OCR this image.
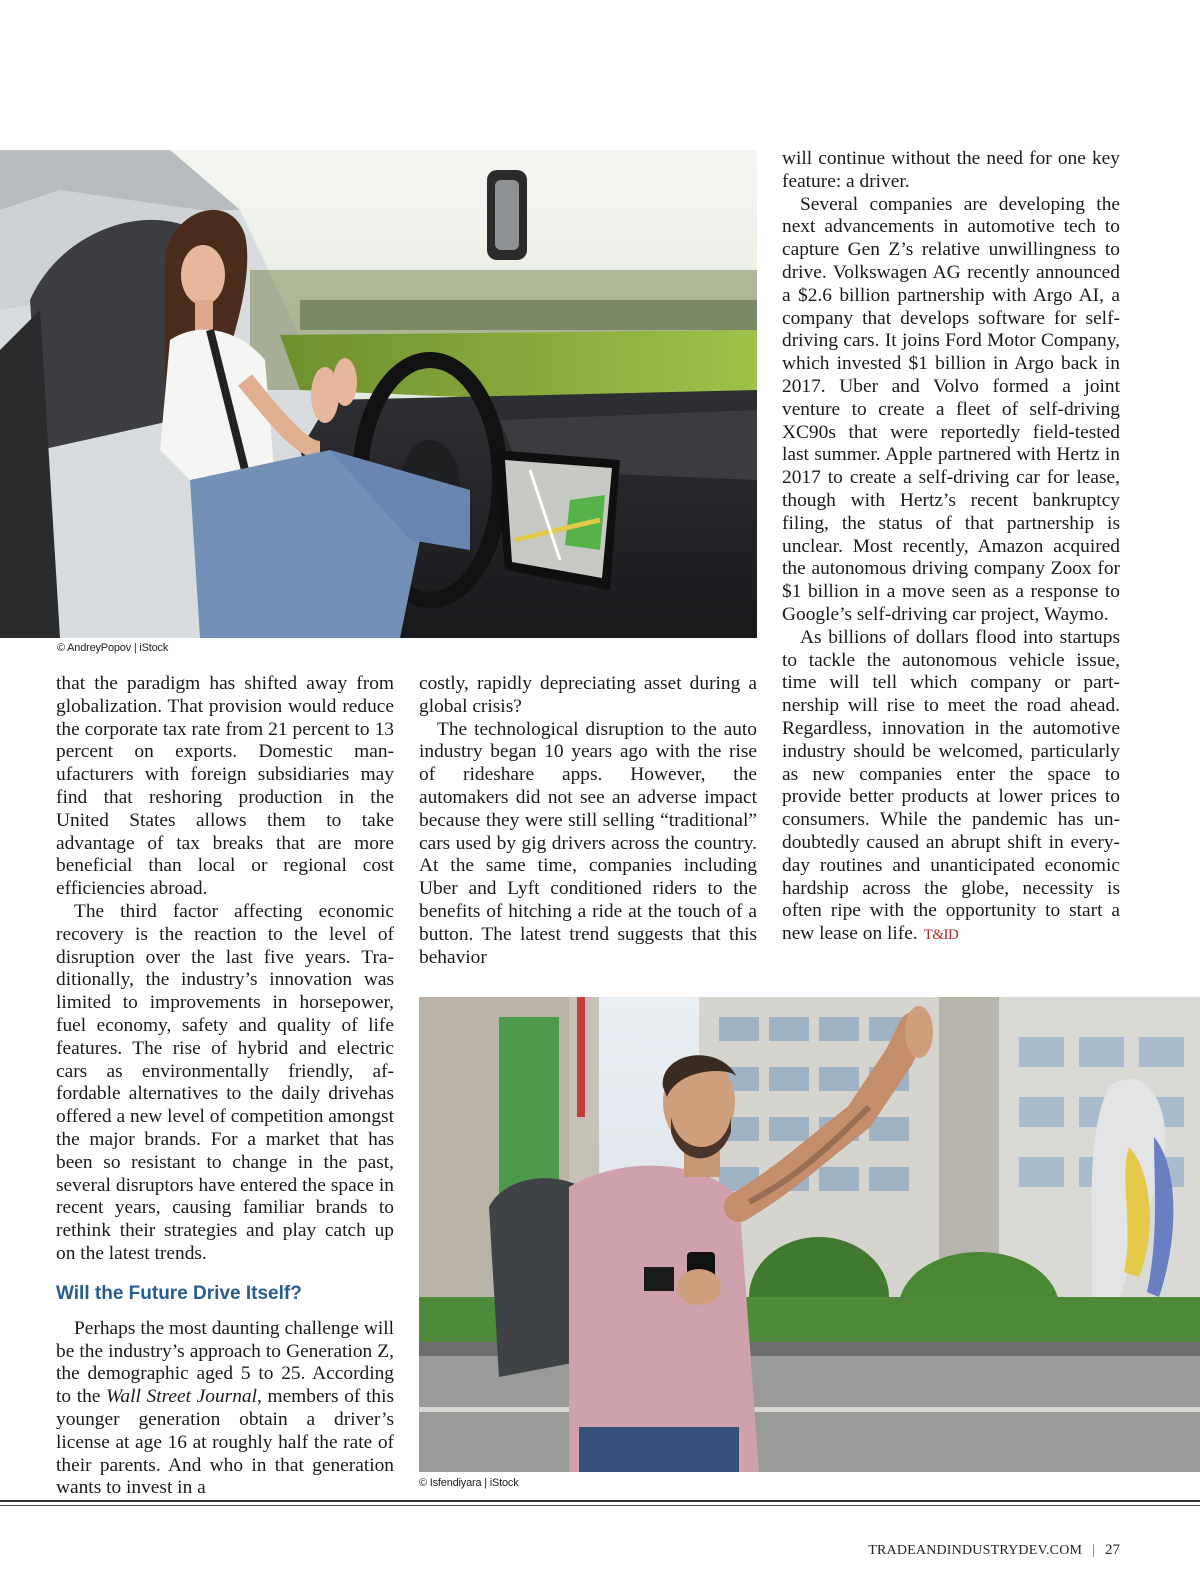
© AndreyPopov | iStock

that the paradigm has shifted away from globalization. That provision would reduce the corporate tax rate from 21 percent to 13 percent on exports. Domestic manufacturers with foreign subsidiaries may find that reshoring production in the United States allows them to take advantage of tax breaks that are more beneficial than local or regional cost efficiencies abroad.

The third factor affecting economic recovery is the reaction to the level of disruption over the last five years. Traditionally, the industry’s innovation was limited to improvements in horsepower, fuel economy, safety and quality of life features. The rise of hybrid and electric cars as environmentally friendly, affordable alternatives to the daily drivehas offered a new level of competition amongst the major brands. For a market that has been so resistant to change in the past, several disruptors have entered the space in recent years, causing familiar brands to rethink their strategies and play catch up on the latest trends.

Will the Future Drive Itself?

Perhaps the most daunting challenge will be the industry’s approach to Generation Z, the demographic aged 5 to 25. According to the Wall Street Journal, members of this younger generation obtain a driver’s license at age 16 at roughly half the rate of their parents. And who in that generation wants to invest in a

costly, rapidly depreciating asset during a global crisis?

The technological disruption to the auto industry began 10 years ago with the rise of rideshare apps. However, the automakers did not see an adverse impact because they were still selling “traditional” cars used by gig drivers across the country. At the same time, companies including Uber and Lyft conditioned riders to the benefits of hitching a ride at the touch of a button. The latest trend suggests that this behavior

will continue without the need for one key feature: a driver.

Several companies are developing the next advancements in automotive tech to capture Gen Z’s relative unwillingness to drive. Volkswagen AG recently announced a $2.6 billion partnership with Argo AI, a company that develops software for self-driving cars. It joins Ford Motor Company, which invested $1 billion in Argo back in 2017. Uber and Volvo formed a joint venture to create a fleet of self-driving XC90s that were reportedly field-tested last summer. Apple partnered with Hertz in 2017 to create a self-driving car for lease, though with Hertz’s recent bankruptcy filing, the status of that partnership is unclear. Most recently, Amazon acquired the autonomous driving company Zoox for $1 billion in a move seen as a response to Google’s self-driving car project, Waymo.

As billions of dollars flood into startups to tackle the autonomous vehicle issue, time will tell which company or partnership will rise to meet the road ahead. Regardless, innovation in the automotive industry should be welcomed, particularly as new companies enter the space to provide better products at lower prices to consumers. While the pandemic has undoubtedly caused an abrupt shift in everyday routines and unanticipated economic hardship across the globe, necessity is often ripe with the opportunity to start a new lease on life. T&ID

© Isfendiyara | iStock
TRADEANDINDUSTRYDEV.COM | 27
